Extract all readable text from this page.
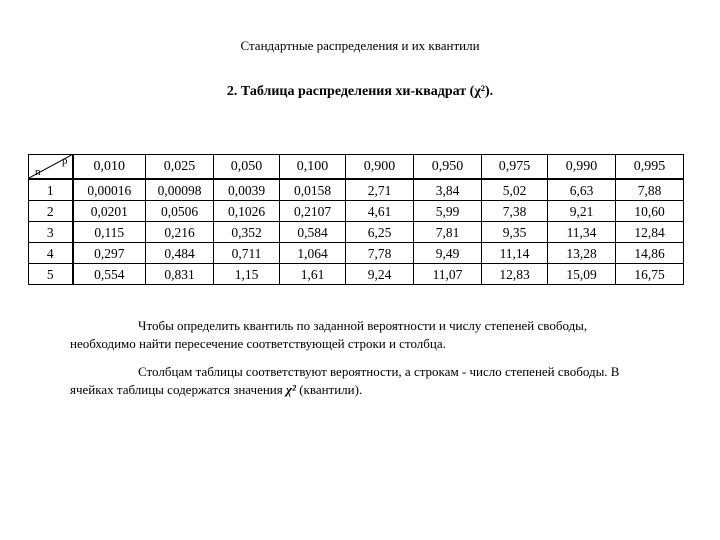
Стандартные распределения и их квантили
2. Таблица распределения хи-квадрат (χ²).
n
p	0,010	0,025	0,050	0,100	0,900	0,950	0,975	0,990	0,995
1	0,00016	0,00098	0,0039	0,0158	2,71	3,84	5,02	6,63	7,88
2	0,0201	0,0506	0,1026	0,2107	4,61	5,99	7,38	9,21	10,60
3	0,115	0,216	0,352	0,584	6,25	7,81	9,35	11,34	12,84
4	0,297	0,484	0,711	1,064	7,78	9,49	11,14	13,28	14,86
5	0,554	0,831	1,15	1,61	9,24	11,07	12,83	15,09	16,75
Чтобы определить квантиль по заданной вероятности и числу степеней свободы, необходимо найти пересечение соответствующей строки и столбца.
Столбцам таблицы соответствуют вероятности, а строкам - число степеней свободы. В ячейках таблицы содержатся значения χ² (квантили).
